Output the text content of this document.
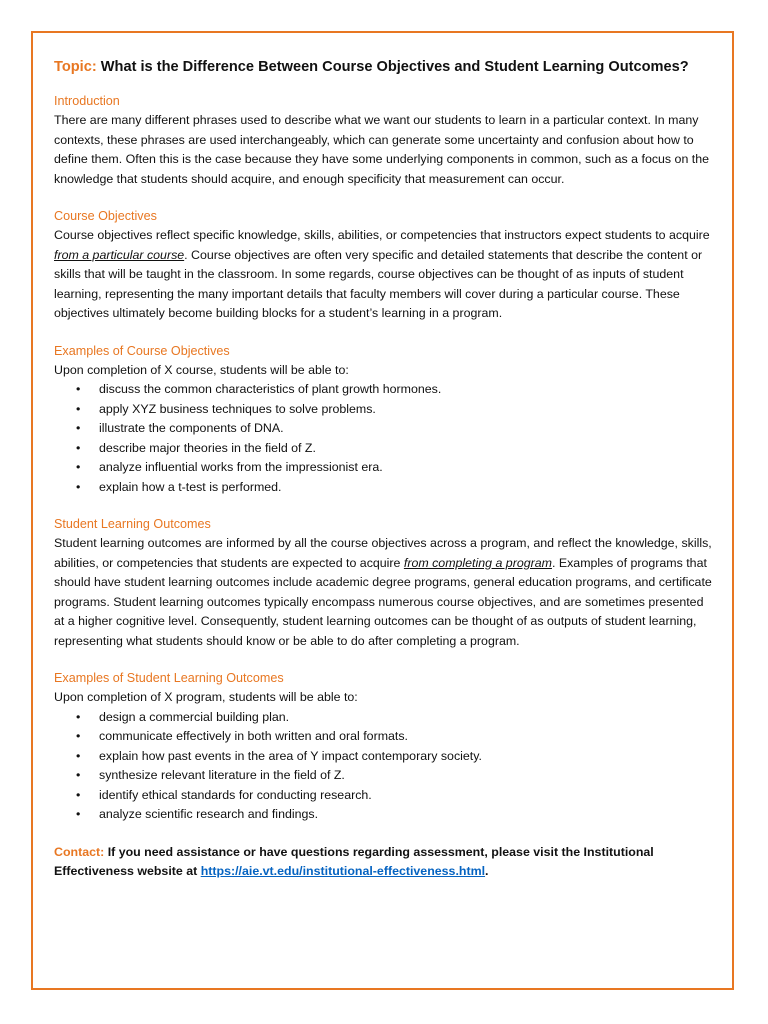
Topic: What is the Difference Between Course Objectives and Student Learning Outcomes?
Introduction

There are many different phrases used to describe what we want our students to learn in a particular context. In many contexts, these phrases are used interchangeably, which can generate some uncertainty and confusion about how to define them. Often this is the case because they have some underlying components in common, such as a focus on the knowledge that students should acquire, and enough specificity that measurement can occur.

Course Objectives

Course objectives reflect specific knowledge, skills, abilities, or competencies that instructors expect students to acquire from a particular course. Course objectives are often very specific and detailed statements that describe the content or skills that will be taught in the classroom. In some regards, course objectives can be thought of as inputs of student learning, representing the many important details that faculty members will cover during a particular course. These objectives ultimately become building blocks for a student’s learning in a program.

Examples of Course Objectives

Upon completion of X course, students will be able to:

• discuss the common characteristics of plant growth hormones.
• apply XYZ business techniques to solve problems.
• illustrate the components of DNA.
• describe major theories in the field of Z.
• analyze influential works from the impressionist era.
• explain how a t-test is performed.
Student Learning Outcomes

Student learning outcomes are informed by all the course objectives across a program, and reflect the knowledge, skills, abilities, or competencies that students are expected to acquire from completing a program. Examples of programs that should have student learning outcomes include academic degree programs, general education programs, and certificate programs. Student learning outcomes typically encompass numerous course objectives, and are sometimes presented at a higher cognitive level. Consequently, student learning outcomes can be thought of as outputs of student learning, representing what students should know or be able to do after completing a program.

Examples of Student Learning Outcomes

Upon completion of X program, students will be able to:

• design a commercial building plan.
• communicate effectively in both written and oral formats.
• explain how past events in the area of Y impact contemporary society.
• synthesize relevant literature in the field of Z.
• identify ethical standards for conducting research.
• analyze scientific research and findings.

Contact: If you need assistance or have questions regarding assessment, please visit the Institutional Effectiveness website at https://aie.vt.edu/institutional-effectiveness.html.
